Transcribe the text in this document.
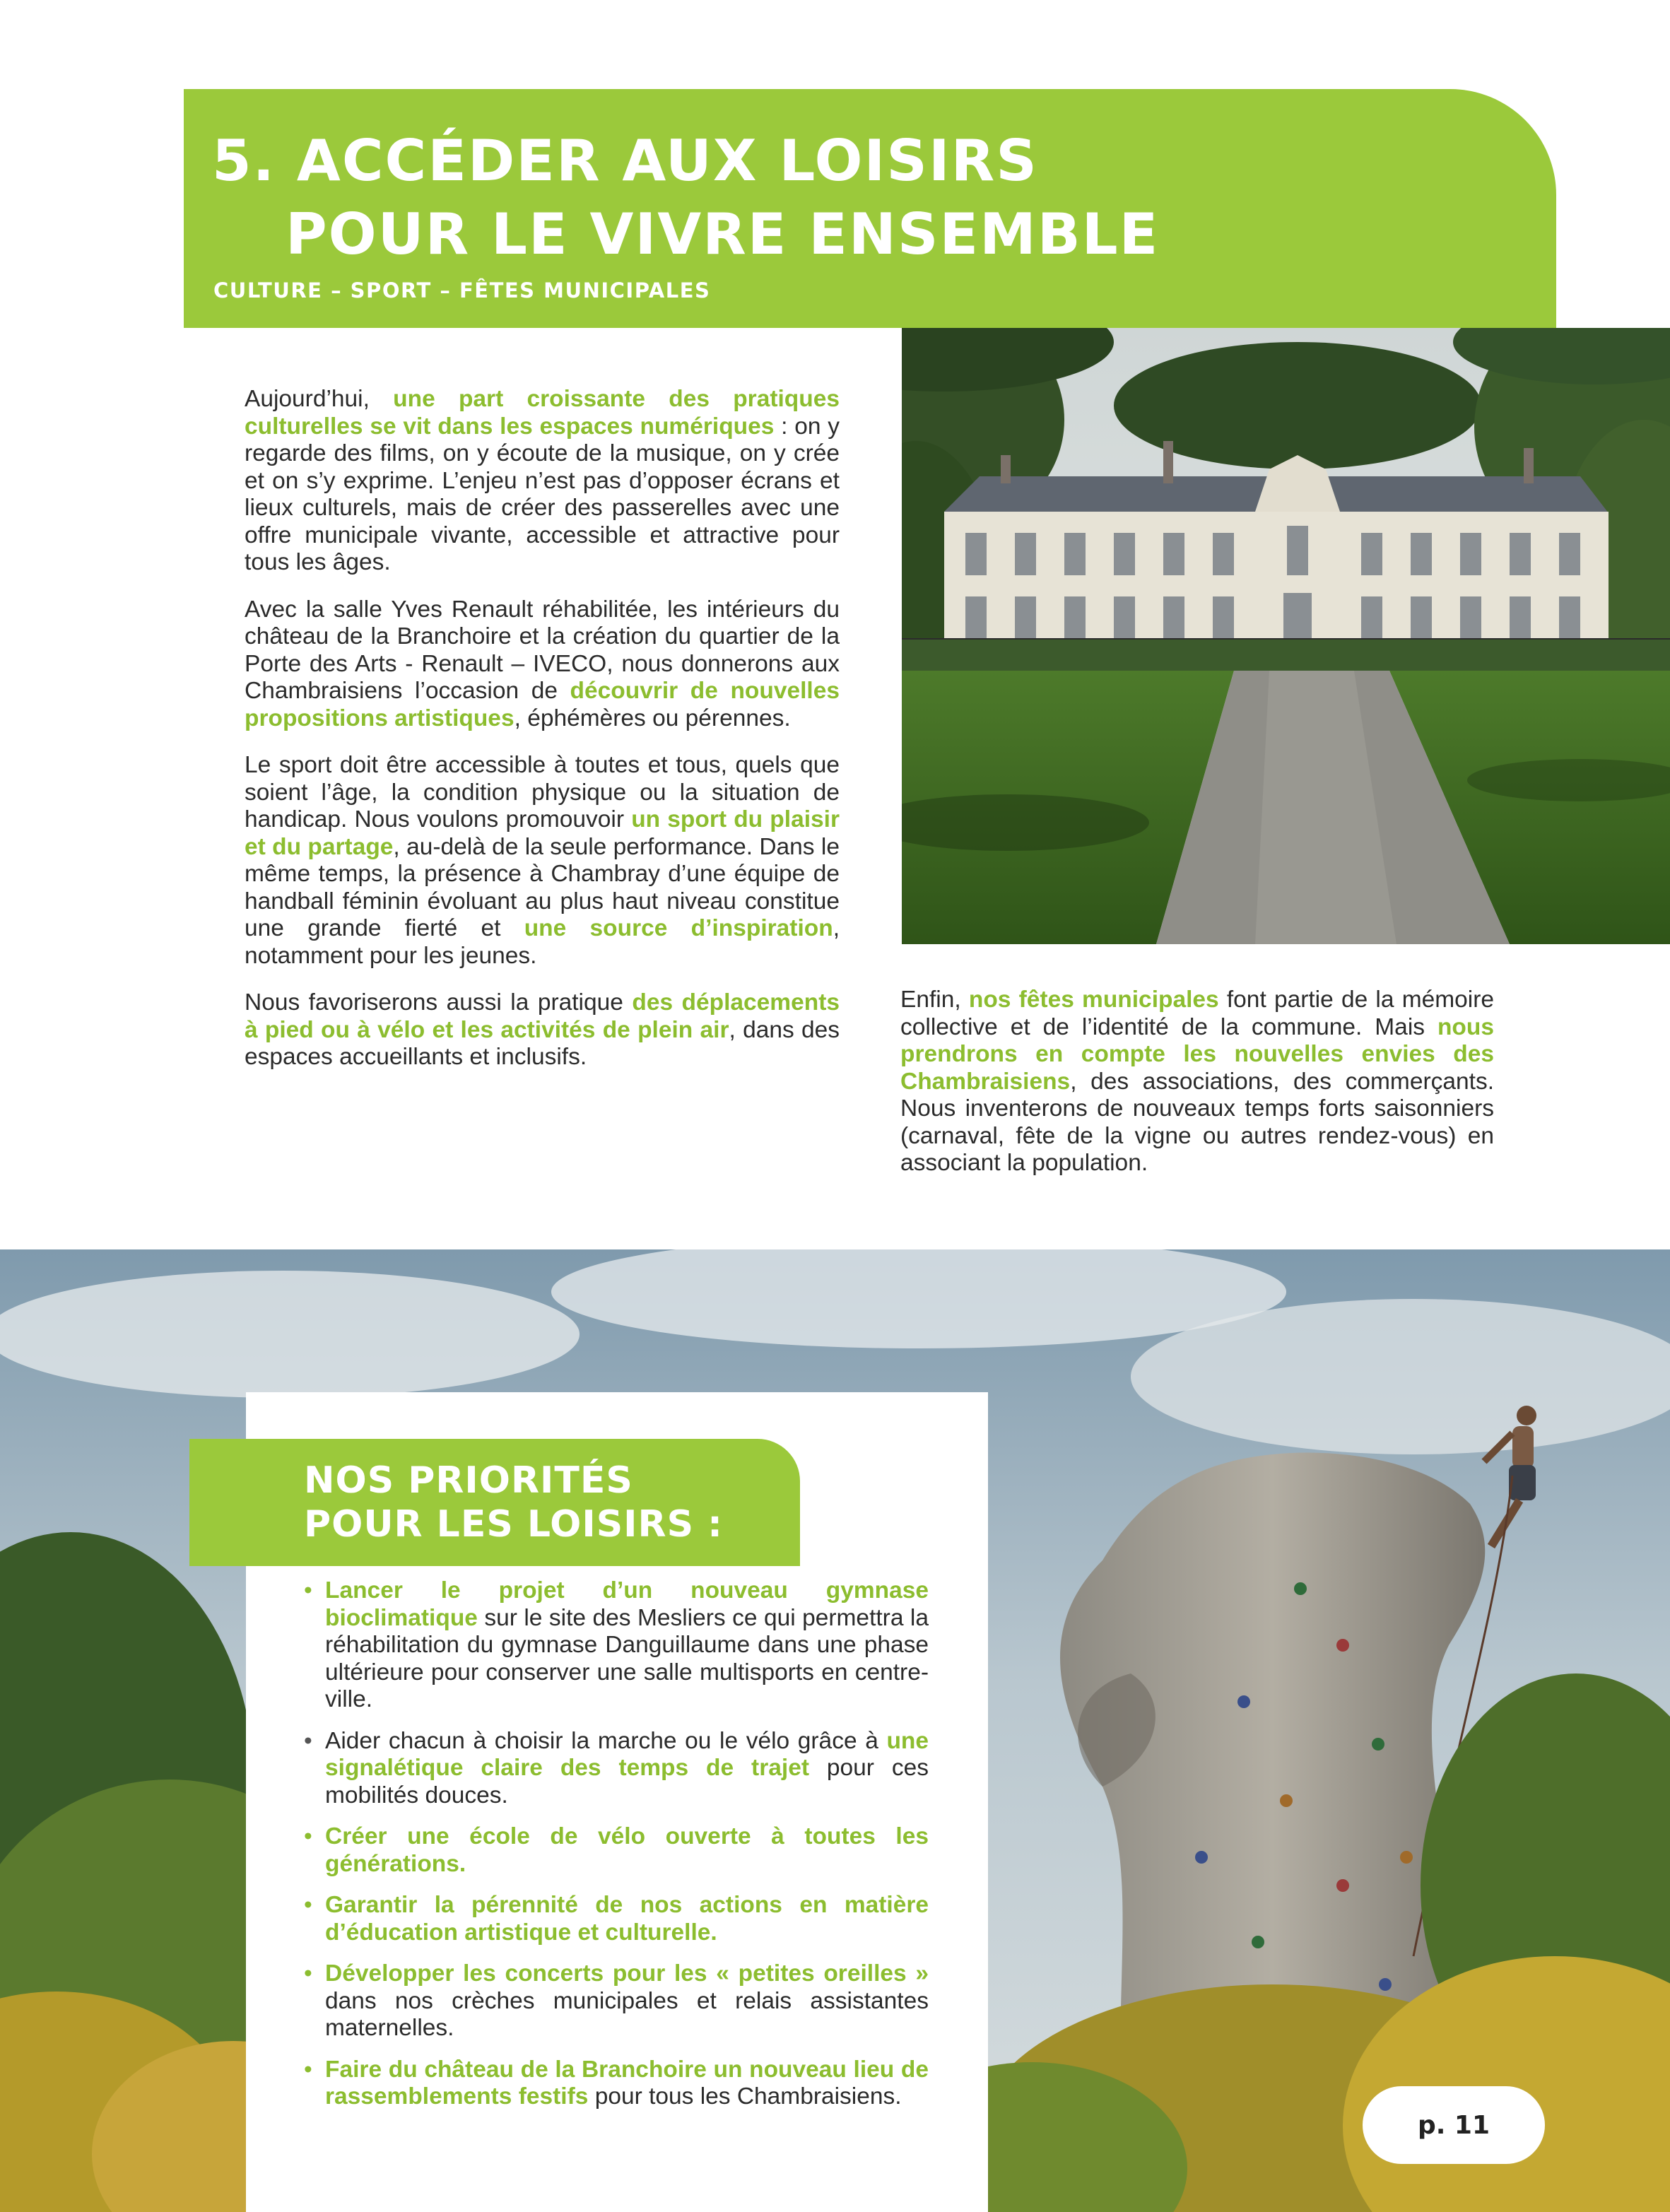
5. ACCÉDER AUX LOISIRS
POUR LE VIVRE ENSEMBLE
CULTURE – SPORT – FÊTES MUNICIPALES

Aujourd’hui, une part croissante des pratiques culturelles se vit dans les espaces numériques : on y regarde des films, on y écoute de la musique, on y crée et on s’y exprime. L’enjeu n’est pas d’opposer écrans et lieux culturels, mais de créer des passerelles avec une offre municipale vivante, accessible et attractive pour tous les âges.

Avec la salle Yves Renault réhabilitée, les intérieurs du château de la Branchoire et la création du quartier de la Porte des Arts - Renault – IVECO, nous donnerons aux Chambraisiens l’occasion de découvrir de nouvelles propositions artistiques, éphémères ou pérennes.

Le sport doit être accessible à toutes et tous, quels que soient l’âge, la condition physique ou la situation de handicap. Nous voulons promouvoir un sport du plaisir et du partage, au-delà de la seule performance. Dans le même temps, la présence à Chambray d’une équipe de handball féminin évoluant au plus haut niveau constitue une grande fierté et une source d’inspiration, notamment pour les jeunes.

Nous favoriserons aussi la pratique des déplacements à pied ou à vélo et les activités de plein air, dans des espaces accueillants et inclusifs.

Enfin, nos fêtes municipales font partie de la mémoire collective et de l’identité de la commune. Mais nous prendrons en compte les nouvelles envies des Chambraisiens, des associations, des commerçants. Nous inventerons de nouveaux temps forts saisonniers (carnaval, fête de la vigne ou autres rendez-vous) en associant la population.

NOS PRIORITÉS
POUR LES LOISIRS :
• Lancer le projet d’un nouveau gymnase bioclimatique sur le site des Mesliers ce qui permettra la réhabilitation du gymnase Danguillaume dans une phase ultérieure pour conserver une salle multisports en centre-ville.
• Aider chacun à choisir la marche ou le vélo grâce à une signalétique claire des temps de trajet pour ces mobilités douces.
• Créer une école de vélo ouverte à toutes les générations.
• Garantir la pérennité de nos actions en matière d’éducation artistique et culturelle.
• Développer les concerts pour les « petites oreilles » dans nos crèches municipales et relais assistantes maternelles.
• Faire du château de la Branchoire un nouveau lieu de rassemblements festifs pour tous les Chambraisiens.
p. 11
